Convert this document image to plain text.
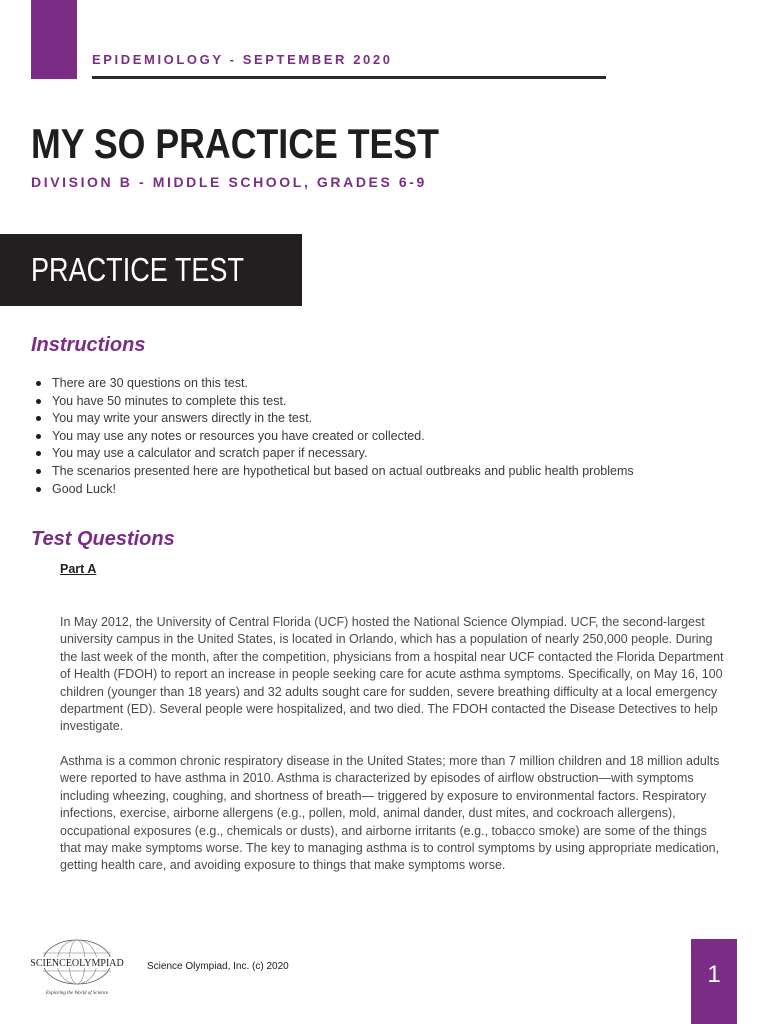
EPIDEMIOLOGY - SEPTEMBER 2020
MY SO PRACTICE TEST
DIVISION B - MIDDLE SCHOOL, GRADES 6-9
PRACTICE TEST
Instructions
There are 30 questions on this test.
You have 50 minutes to complete this test.
You may write your answers directly in the test.
You may use any notes or resources you have created or collected.
You may use a calculator and scratch paper if necessary.
The scenarios presented here are hypothetical but based on actual outbreaks and public health problems
Good Luck!
Test Questions
Part A

In May 2012, the University of Central Florida (UCF) hosted the National Science Olympiad. UCF, the second-largest university campus in the United States, is located in Orlando, which has a population of nearly 250,000 people. During the last week of the month, after the competition, physicians from a hospital near UCF contacted the Florida Department of Health (FDOH) to report an increase in people seeking care for acute asthma symptoms. Specifically, on May 16, 100 children (younger than 18 years) and 32 adults sought care for sudden, severe breathing difficulty at a local emergency department (ED). Several people were hospitalized, and two died. The FDOH contacted the Disease Detectives to help investigate.

Asthma is a common chronic respiratory disease in the United States; more than 7 million children and 18 million adults were reported to have asthma in 2010. Asthma is characterized by episodes of airflow obstruction—with symptoms including wheezing, coughing, and shortness of breath— triggered by exposure to environmental factors. Respiratory infections, exercise, airborne allergens (e.g., pollen, mold, animal dander, dust mites, and cockroach allergens), occupational exposures (e.g., chemicals or dusts), and airborne irritants (e.g., tobacco smoke) are some of the things that may make symptoms worse. The key to managing asthma is to control symptoms by using appropriate medication, getting health care, and avoiding exposure to things that make symptoms worse.

SCIENCEOLYMPIAD
Exploring the World of Science
Science Olympiad, Inc. (c) 2020	1
